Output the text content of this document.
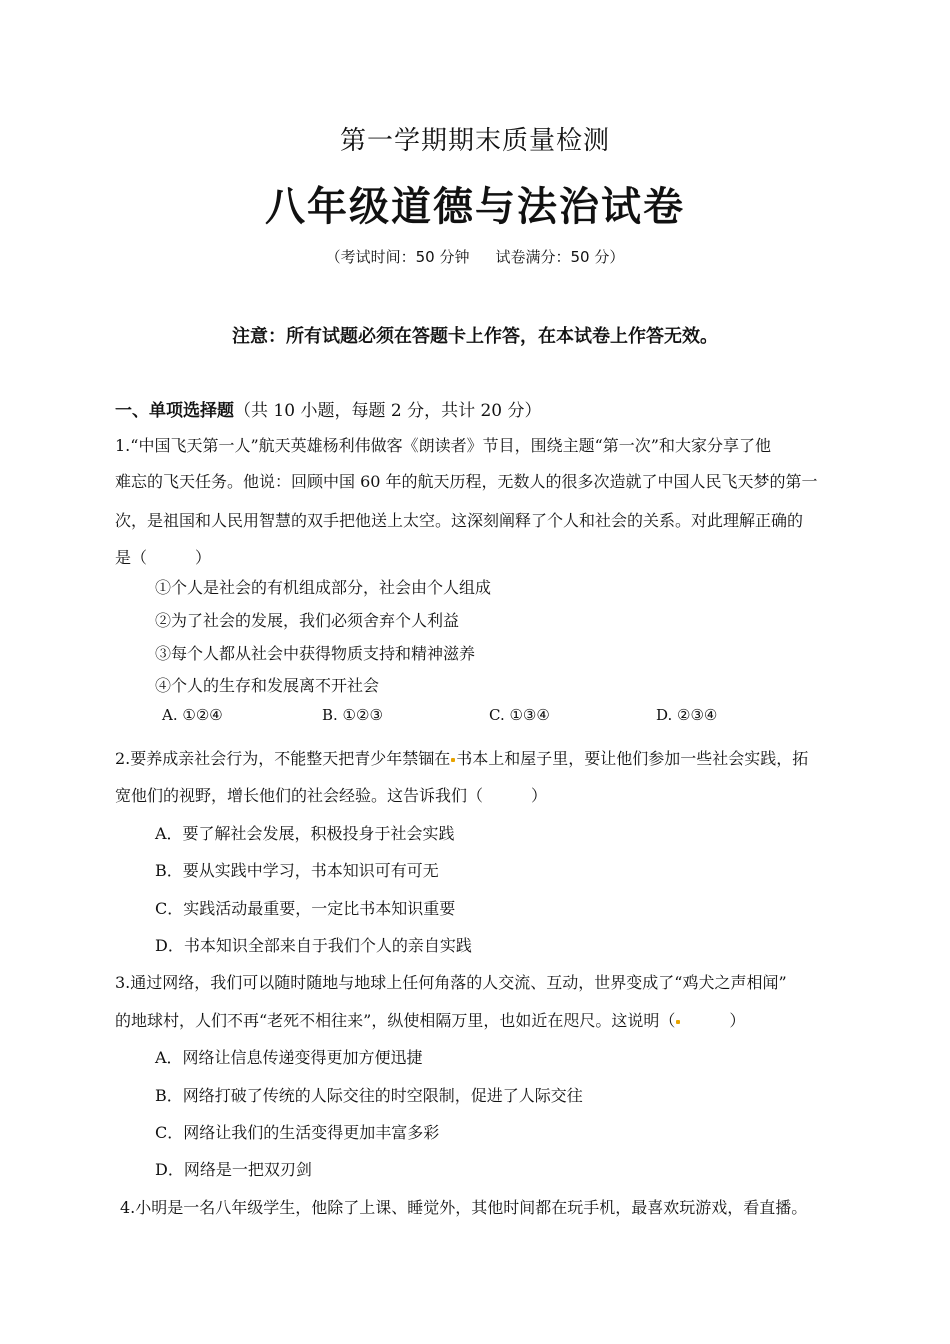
第一学期期末质量检测
八年级道德与法治试卷
（考试时间：50 分钟 试卷满分：50 分）
注意：所有试题必须在答题卡上作答，在本试卷上作答无效。
一、单项选择题（共 10 小题，每题 2 分，共计 20 分）
1.“中国飞天第一人”航天英雄杨利伟做客《朗读者》节目，围绕主题“第一次”和大家分享了他
难忘的飞天任务。他说：回顾中国 60 年的航天历程，无数人的很多次造就了中国人民飞天梦的第一
次，是祖国和人民用智慧的双手把他送上太空。这深刻阐释了个人和社会的关系。对此理解正确的
是（　　　）
①个人是社会的有机组成部分，社会由个人组成
②为了社会的发展，我们必须舍弃个人利益
③每个人都从社会中获得物质支持和精神滋养
④个人的生存和发展离不开社会
A. ①②④	B. ①②③	C. ①③④	D. ②③④
2.要养成亲社会行为，不能整天把青少年禁锢在 书本上和屋子里，要让他们参加一些社会实践，拓
宽他们的视野，增长他们的社会经验。这告诉我们（　　　）
A．要了解社会发展，积极投身于社会实践
B．要从实践中学习，书本知识可有可无
C．实践活动最重要，一定比书本知识重要
D．书本知识全部来自于我们个人的亲自实践
3.通过网络，我们可以随时随地与地球上任何角落的人交流、互动，世界变成了“鸡犬之声相闻”
的地球村，人们不再“老死不相往来”，纵使相隔万里，也如近在咫尺。这说明（　　　）
A．网络让信息传递变得更加方便迅捷
B．网络打破了传统的人际交往的时空限制，促进了人际交往
C．网络让我们的生活变得更加丰富多彩
D．网络是一把双刃剑
4.小明是一名八年级学生，他除了上课、睡觉外，其他时间都在玩手机，最喜欢玩游戏，看直播。
